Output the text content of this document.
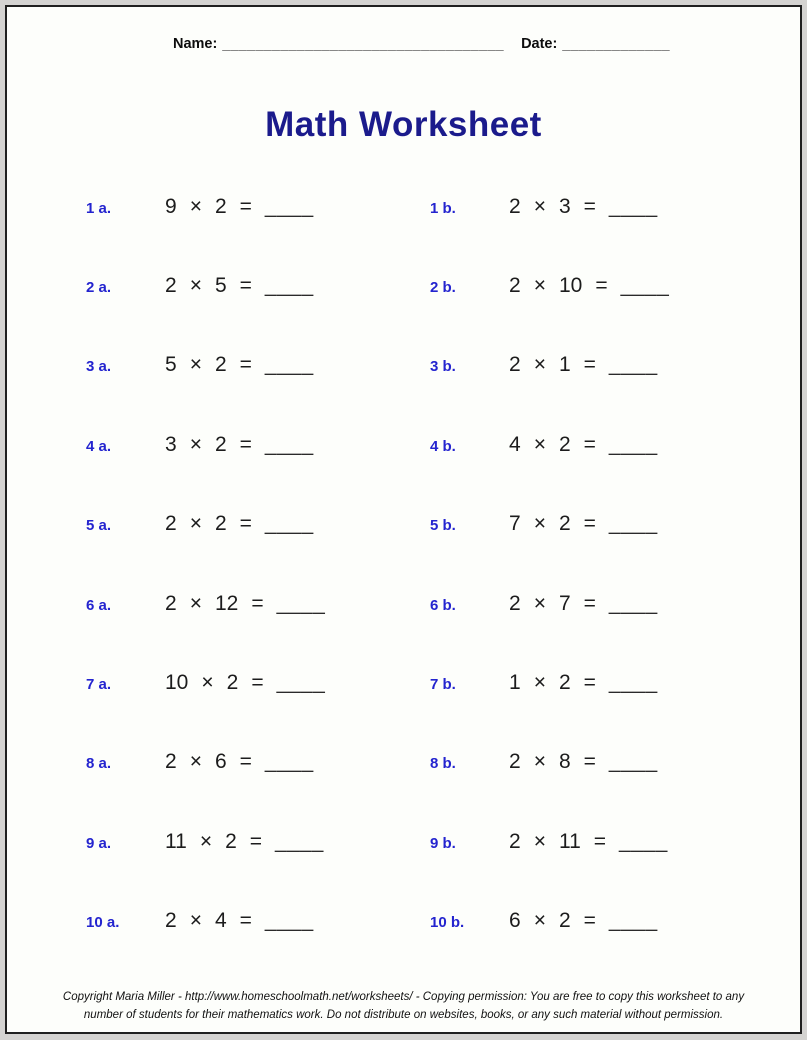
Name: __________________________________ Date: _____________
Math Worksheet
1 a.	9 × 2 = ____	1 b.	2 × 3 = ____
2 a.	2 × 5 = ____	2 b.	2 × 10 = ____
3 a.	5 × 2 = ____	3 b.	2 × 1 = ____
4 a.	3 × 2 = ____	4 b.	4 × 2 = ____
5 a.	2 × 2 = ____	5 b.	7 × 2 = ____
6 a.	2 × 12 = ____	6 b.	2 × 7 = ____
7 a.	10 × 2 = ____	7 b.	1 × 2 = ____
8 a.	2 × 6 = ____	8 b.	2 × 8 = ____
9 a.	11 × 2 = ____	9 b.	2 × 11 = ____
10 a.	2 × 4 = ____	10 b.	6 × 2 = ____
Copyright Maria Miller - http://www.homeschoolmath.net/worksheets/ - Copying permission: You are free to copy this worksheet to any
number of students for their mathematics work. Do not distribute on websites, books, or any such material without permission.
